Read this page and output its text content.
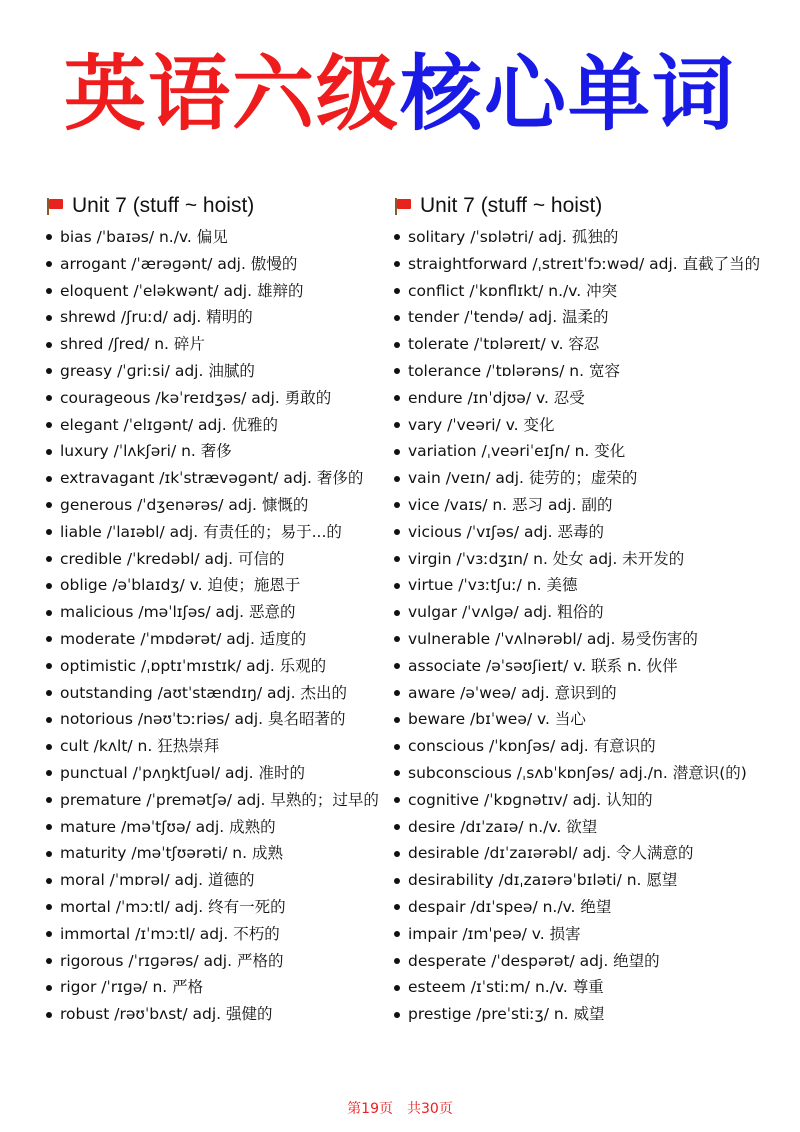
英语六级核心单词
Unit 7 (stuff ~ hoist)
bias /ˈbaɪəs/ n./v. 偏见
arrogant /ˈærəɡənt/ adj. 傲慢的
eloquent /ˈeləkwənt/ adj. 雄辩的
shrewd /ʃruːd/ adj. 精明的
shred /ʃred/ n. 碎片
greasy /ˈɡriːsi/ adj. 油腻的
courageous /kəˈreɪdʒəs/ adj. 勇敢的
elegant /ˈelɪɡənt/ adj. 优雅的
luxury /ˈlʌkʃəri/ n. 奢侈
extravagant /ɪkˈstrævəɡənt/ adj. 奢侈的
generous /ˈdʒenərəs/ adj. 慷慨的
liable /ˈlaɪəbl/ adj. 有责任的；易于...的
credible /ˈkredəbl/ adj. 可信的
oblige /əˈblaɪdʒ/ v. 迫使；施恩于
malicious /məˈlɪʃəs/ adj. 恶意的
moderate /ˈmɒdərət/ adj. 适度的
optimistic /ˌɒptɪˈmɪstɪk/ adj. 乐观的
outstanding /aʊtˈstændɪŋ/ adj. 杰出的
notorious /nəʊˈtɔːriəs/ adj. 臭名昭著的
cult /kʌlt/ n. 狂热崇拜
punctual /ˈpʌŋktʃuəl/ adj. 准时的
premature /ˈpremətʃə/ adj. 早熟的；过早的
mature /məˈtʃʊə/ adj. 成熟的
maturity /məˈtʃʊərəti/ n. 成熟
moral /ˈmɒrəl/ adj. 道德的
mortal /ˈmɔːtl/ adj. 终有一死的
immortal /ɪˈmɔːtl/ adj. 不朽的
rigorous /ˈrɪɡərəs/ adj. 严格的
rigor /ˈrɪɡə/ n. 严格
robust /rəʊˈbʌst/ adj. 强健的
Unit 7 (stuff ~ hoist)
solitary /ˈsɒlətri/ adj. 孤独的
straightforward /ˌstreɪtˈfɔːwəd/ adj. 直截了当的
conflict /ˈkɒnflɪkt/ n./v. 冲突
tender /ˈtendə/ adj. 温柔的
tolerate /ˈtɒləreɪt/ v. 容忍
tolerance /ˈtɒlərəns/ n. 宽容
endure /ɪnˈdjʊə/ v. 忍受
vary /ˈveəri/ v. 变化
variation /ˌveəriˈeɪʃn/ n. 变化
vain /veɪn/ adj. 徒劳的；虚荣的
vice /vaɪs/ n. 恶习 adj. 副的
vicious /ˈvɪʃəs/ adj. 恶毒的
virgin /ˈvɜːdʒɪn/ n. 处女 adj. 未开发的
virtue /ˈvɜːtʃuː/ n. 美德
vulgar /ˈvʌlɡə/ adj. 粗俗的
vulnerable /ˈvʌlnərəbl/ adj. 易受伤害的
associate /əˈsəʊʃieɪt/ v. 联系 n. 伙伴
aware /əˈweə/ adj. 意识到的
beware /bɪˈweə/ v. 当心
conscious /ˈkɒnʃəs/ adj. 有意识的
subconscious /ˌsʌbˈkɒnʃəs/ adj./n. 潜意识(的)
cognitive /ˈkɒɡnətɪv/ adj. 认知的
desire /dɪˈzaɪə/ n./v. 欲望
desirable /dɪˈzaɪərəbl/ adj. 令人满意的
desirability /dɪˌzaɪərəˈbɪləti/ n. 愿望
despair /dɪˈspeə/ n./v. 绝望
impair /ɪmˈpeə/ v. 损害
desperate /ˈdespərət/ adj. 绝望的
esteem /ɪˈstiːm/ n./v. 尊重
prestige /preˈstiːʒ/ n. 威望
第19页 共30页
